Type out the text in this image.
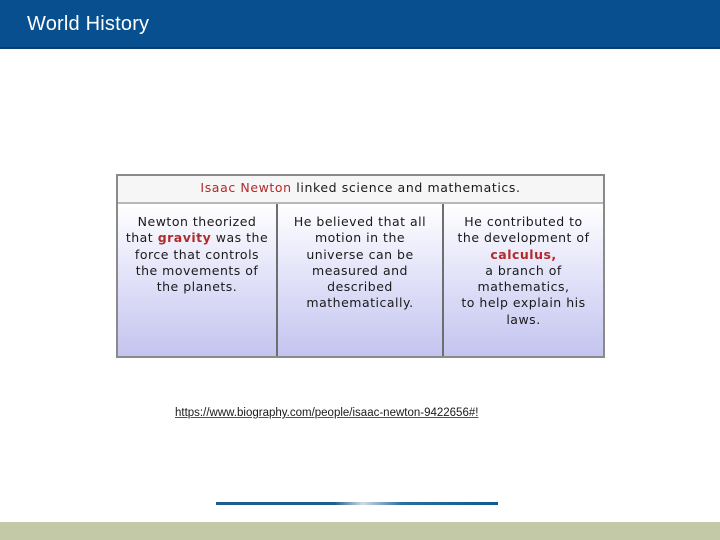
World History
Isaac Newton linked science and mathematics.
Newton theorized
that gravity was the
force that controls
the movements of
the planets.
He believed that all
motion in the
universe can be
measured and
described
mathematically.
He contributed to
the development of
calculus,
a branch of
mathematics,
to help explain his
laws.
https://www.biography.com/people/isaac-newton-9422656#!
